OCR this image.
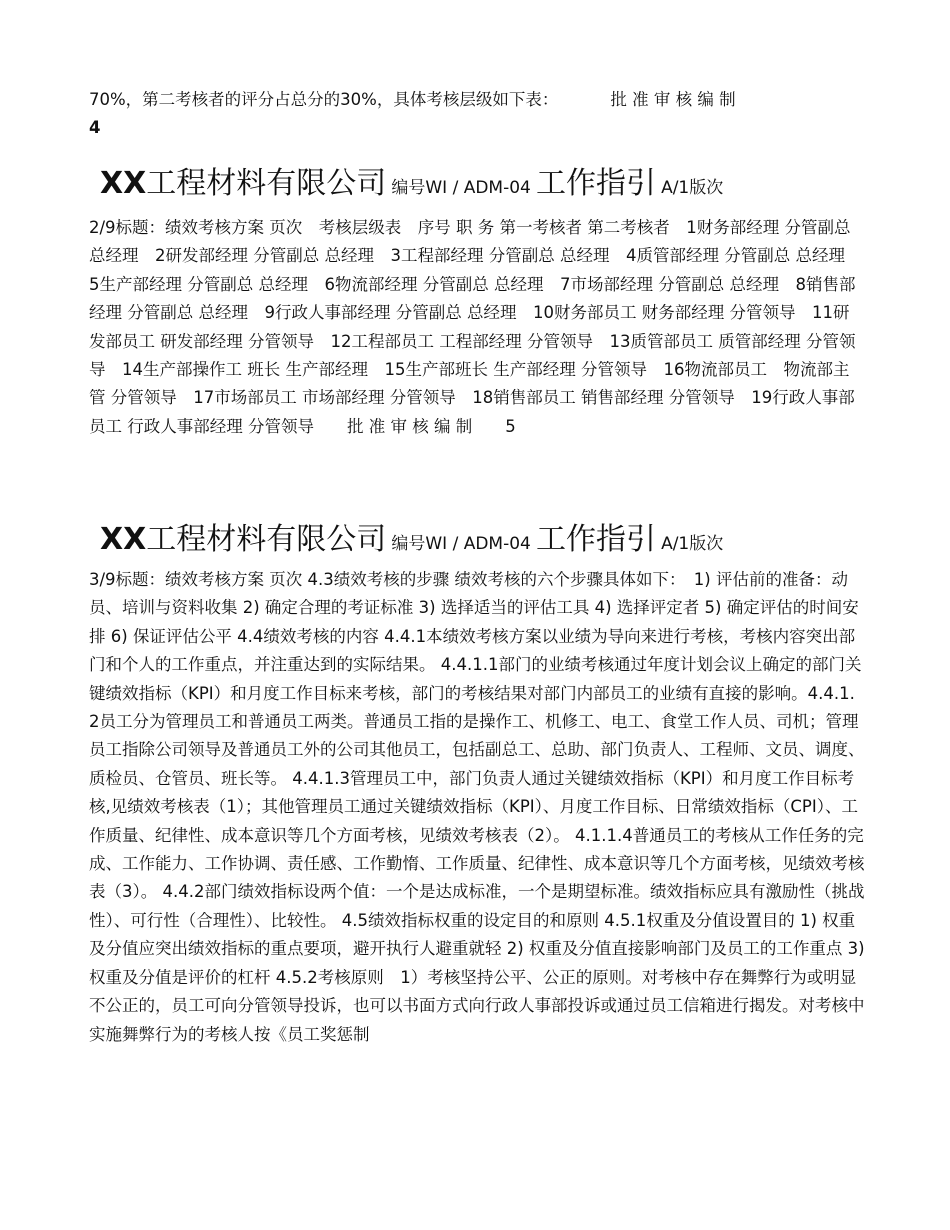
70%，第二考核者的评分占总分的30%，具体考核层级如下表：	批 准 审 核 编 制
4

XX工程材料有限公司 编号WI / ADM-04 工作指引 A/1版次

2/9标题：绩效考核方案 页次　考核层级表　序号 职 务 第一考核者 第二考核者　1财务部经理 分管副总 总经理　2研发部经理 分管副总 总经理　3工程部经理 分管副总 总经理　4质管部经理 分管副总 总经理　5生产部经理 分管副总 总经理　6物流部经理 分管副总 总经理　7市场部经理 分管副总 总经理　8销售部经理 分管副总 总经理　9行政人事部经理 分管副总 总经理　10财务部员工 财务部经理 分管领导　11研发部员工 研发部经理 分管领导　12工程部员工 工程部经理 分管领导　13质管部员工 质管部经理 分管领导　14生产部操作工 班长 生产部经理　15生产部班长 生产部经理 分管领导　16物流部员工　物流部主管 分管领导　17市场部员工 市场部经理 分管领导　18销售部员工 销售部经理 分管领导　19行政人事部员工 行政人事部经理 分管领导　　批 准 审 核 编 制　　5

XX工程材料有限公司 编号WI / ADM-04 工作指引 A/1版次

3/9标题：绩效考核方案 页次 4.3绩效考核的步骤 绩效考核的六个步骤具体如下：　1) 评估前的准备：动员、培训与资料收集 2) 确定合理的考证标准 3) 选择适当的评估工具 4) 选择评定者 5) 确定评估的时间安排 6) 保证评估公平 4.4绩效考核的内容 4.4.1本绩效考核方案以业绩为导向来进行考核，考核内容突出部门和个人的工作重点，并注重达到的实际结果。 4.4.1.1部门的业绩考核通过年度计划会议上确定的部门关键绩效指标（KPI）和月度工作目标来考核，部门的考核结果对部门内部员工的业绩有直接的影响。4.4.1.2员工分为管理员工和普通员工两类。普通员工指的是操作工、机修工、电工、食堂工作人员、司机；管理员工指除公司领导及普通员工外的公司其他员工，包括副总工、总助、部门负责人、工程师、文员、调度、质检员、仓管员、班长等。 4.4.1.3管理员工中，部门负责人通过关键绩效指标（KPI）和月度工作目标考核,见绩效考核表（1）；其他管理员工通过关键绩效指标（KPI）、月度工作目标、日常绩效指标（CPI）、工作质量、纪律性、成本意识等几个方面考核，见绩效考核表（2）。 4.1.1.4普通员工的考核从工作任务的完成、工作能力、工作协调、责任感、工作勤惰、工作质量、纪律性、成本意识等几个方面考核，见绩效考核表（3）。 4.4.2部门绩效指标设两个值：一个是达成标准，一个是期望标准。绩效指标应具有激励性（挑战性）、可行性（合理性）、比较性。 4.5绩效指标权重的设定目的和原则 4.5.1权重及分值设置目的 1) 权重及分值应突出绩效指标的重点要项，避开执行人避重就轻 2) 权重及分值直接影响部门及员工的工作重点 3) 权重及分值是评价的杠杆 4.5.2考核原则　1）考核坚持公平、公正的原则。对考核中存在舞弊行为或明显不公正的，员工可向分管领导投诉，也可以书面方式向行政人事部投诉或通过员工信箱进行揭发。对考核中实施舞弊行为的考核人按《员工奖惩制
